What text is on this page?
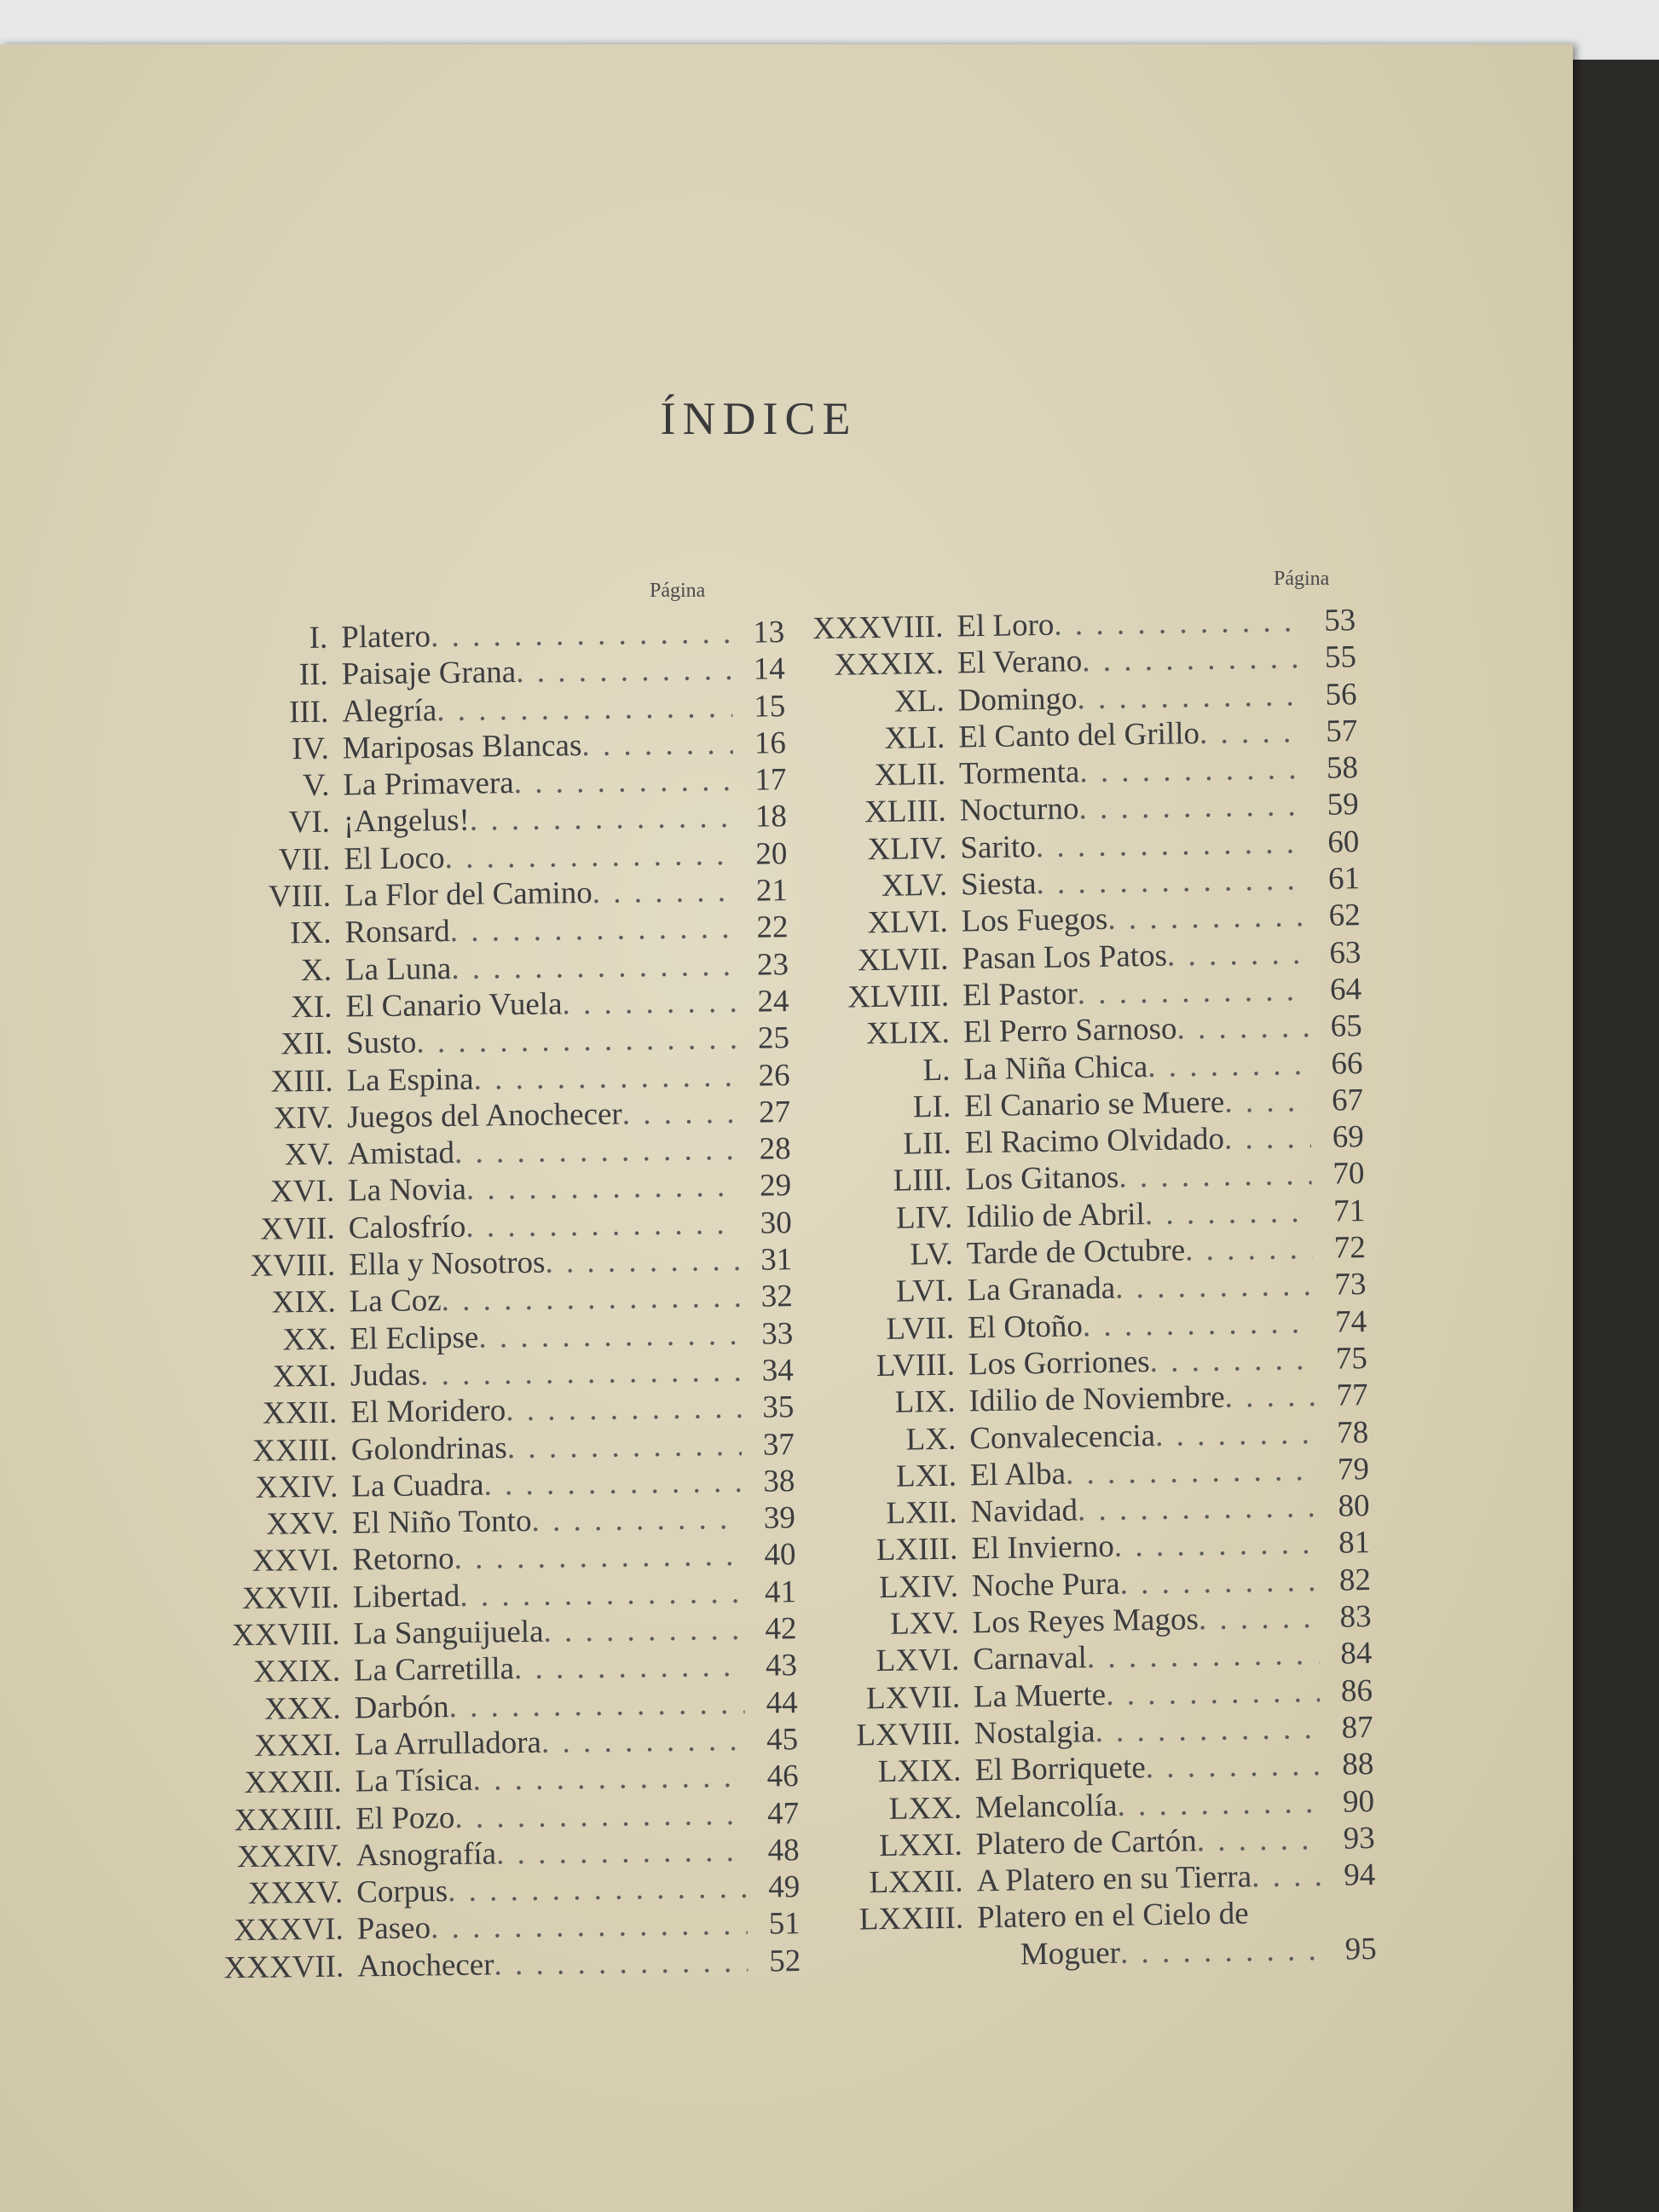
ÍNDICE
Página
Página
I. Platero . . .	13
II. Paisaje Grana . . .	14
III. Alegría . . .	15
IV. Mariposas Blancas . . .	16
V. La Primavera . . .	17
VI. ¡Angelus! . . .	18
VII. El Loco . . .	20
VIII. La Flor del Camino . . .	21
IX. Ronsard . . .	22
X. La Luna . . .	23
XI. El Canario Vuela . . .	24
XII. Susto . . .	25
XIII. La Espina . . .	26
XIV. Juegos del Anochecer . . .	27
XV. Amistad . . .	28
XVI. La Novia . . .	29
XVII. Calosfrío . . .	30
XVIII. Ella y Nosotros . . .	31
XIX. La Coz . . .	32
XX. El Eclipse . . .	33
XXI. Judas . . .	34
XXII. El Moridero . . .	35
XXIII. Golondrinas . . .	37
XXIV. La Cuadra . . .	38
XXV. El Niño Tonto . . .	39
XXVI. Retorno . . .	40
XXVII. Libertad . . .	41
XXVIII. La Sanguijuela . . .	42
XXIX. La Carretilla . . .	43
XXX. Darbón . . .	44
XXXI. La Arrulladora . . .	45
XXXII. La Tísica . . .	46
XXXIII. El Pozo . . .	47
XXXIV. Asnografía . . .	48
XXXV. Corpus . . .	49
XXXVI. Paseo . . .	51
XXXVII. Anochecer . . .	52
XXXVIII. El Loro . . .	53
XXXIX. El Verano . . .	55
XL. Domingo . . .	56
XLI. El Canto del Grillo . . .	57
XLII. Tormenta . . .	58
XLIII. Nocturno . . .	59
XLIV. Sarito . . .	60
XLV. Siesta . . .	61
XLVI. Los Fuegos . . .	62
XLVII. Pasan Los Patos . . .	63
XLVIII. El Pastor . . .	64
XLIX. El Perro Sarnoso . . .	65
L. La Niña Chica . . .	66
LI. El Canario se Muere . . .	67
LII. El Racimo Olvidado . . .	69
LIII. Los Gitanos . . .	70
LIV. Idilio de Abril . . .	71
LV. Tarde de Octubre . . .	72
LVI. La Granada . . .	73
LVII. El Otoño . . .	74
LVIII. Los Gorriones . . .	75
LIX. Idilio de Noviembre . . .	77
LX. Convalecencia . . .	78
LXI. El Alba . . .	79
LXII. Navidad . . .	80
LXIII. El Invierno . . .	81
LXIV. Noche Pura . . .	82
LXV. Los Reyes Magos . . .	83
LXVI. Carnaval . . .	84
LXVII. La Muerte . . .	86
LXVIII. Nostalgia . . .	87
LXIX. El Borriquete . . .	88
LXX. Melancolía . . .	90
LXXI. Platero de Cartón . . .	93
LXXII. A Platero en su Tierra . . .	94
LXXIII. Platero en el Cielo de
Moguer . . .	95
